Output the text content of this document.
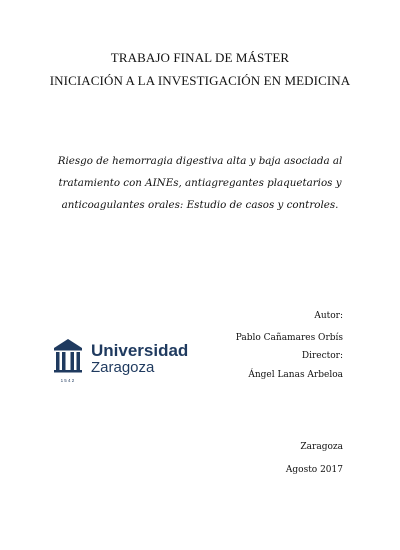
TRABAJO FINAL DE MÁSTER
INICIACIÓN A LA INVESTIGACIÓN EN MEDICINA
Riesgo de hemorragia digestiva alta y baja asociada al
tratamiento con AINEs, antiagregantes plaquetarios y
anticoagulantes orales: Estudio de casos y controles.
Autor:
Pablo Cañamares Orbís
Director:
Ángel Lanas Arbeloa
1542
Universidad
Zaragoza
Zaragoza
Agosto 2017
